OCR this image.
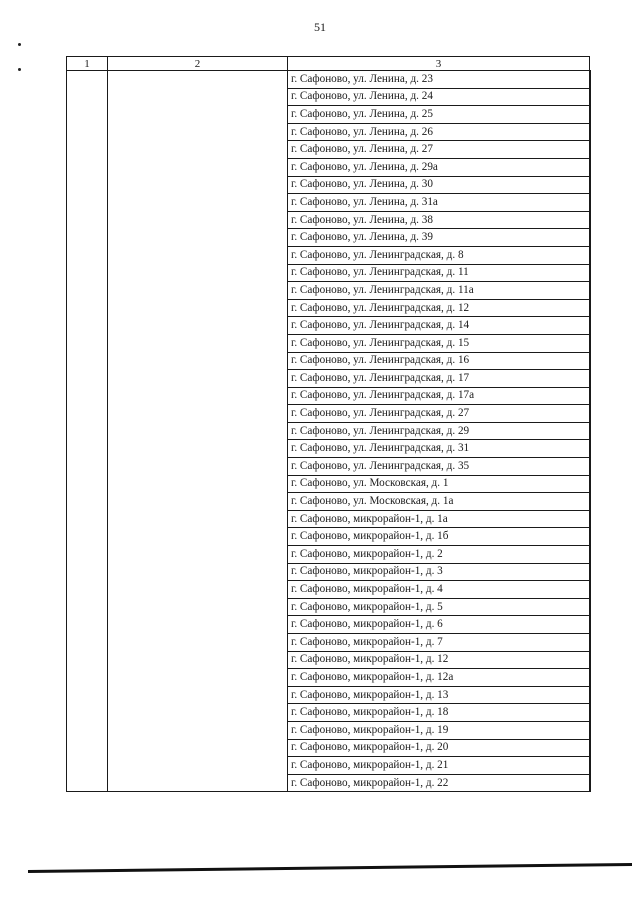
51
1	2	3
		г. Сафоново, ул. Ленина, д. 23
		г. Сафоново, ул. Ленина, д. 24
		г. Сафоново, ул. Ленина, д. 25
		г. Сафоново, ул. Ленина, д. 26
		г. Сафоново, ул. Ленина, д. 27
		г. Сафоново, ул. Ленина, д. 29а
		г. Сафоново, ул. Ленина, д. 30
		г. Сафоново, ул. Ленина, д. 31а
		г. Сафоново, ул. Ленина, д. 38
		г. Сафоново, ул. Ленина, д. 39
		г. Сафоново, ул. Ленинградская, д. 8
		г. Сафоново, ул. Ленинградская, д. 11
		г. Сафоново, ул. Ленинградская, д. 11а
		г. Сафоново, ул. Ленинградская, д. 12
		г. Сафоново, ул. Ленинградская, д. 14
		г. Сафоново, ул. Ленинградская, д. 15
		г. Сафоново, ул. Ленинградская, д. 16
		г. Сафоново, ул. Ленинградская, д. 17
		г. Сафоново, ул. Ленинградская, д. 17а
		г. Сафоново, ул. Ленинградская, д. 27
		г. Сафоново, ул. Ленинградская, д. 29
		г. Сафоново, ул. Ленинградская, д. 31
		г. Сафоново, ул. Ленинградская, д. 35
		г. Сафоново, ул. Московская, д. 1
		г. Сафоново, ул. Московская, д. 1а
		г. Сафоново, микрорайон-1, д. 1а
		г. Сафоново, микрорайон-1, д. 1б
		г. Сафоново, микрорайон-1, д. 2
		г. Сафоново, микрорайон-1, д. 3
		г. Сафоново, микрорайон-1, д. 4
		г. Сафоново, микрорайон-1, д. 5
		г. Сафоново, микрорайон-1, д. 6
		г. Сафоново, микрорайон-1, д. 7
		г. Сафоново, микрорайон-1, д. 12
		г. Сафоново, микрорайон-1, д. 12а
		г. Сафоново, микрорайон-1, д. 13
		г. Сафоново, микрорайон-1, д. 18
		г. Сафоново, микрорайон-1, д. 19
		г. Сафоново, микрорайон-1, д. 20
		г. Сафоново, микрорайон-1, д. 21
		г. Сафоново, микрорайон-1, д. 22
